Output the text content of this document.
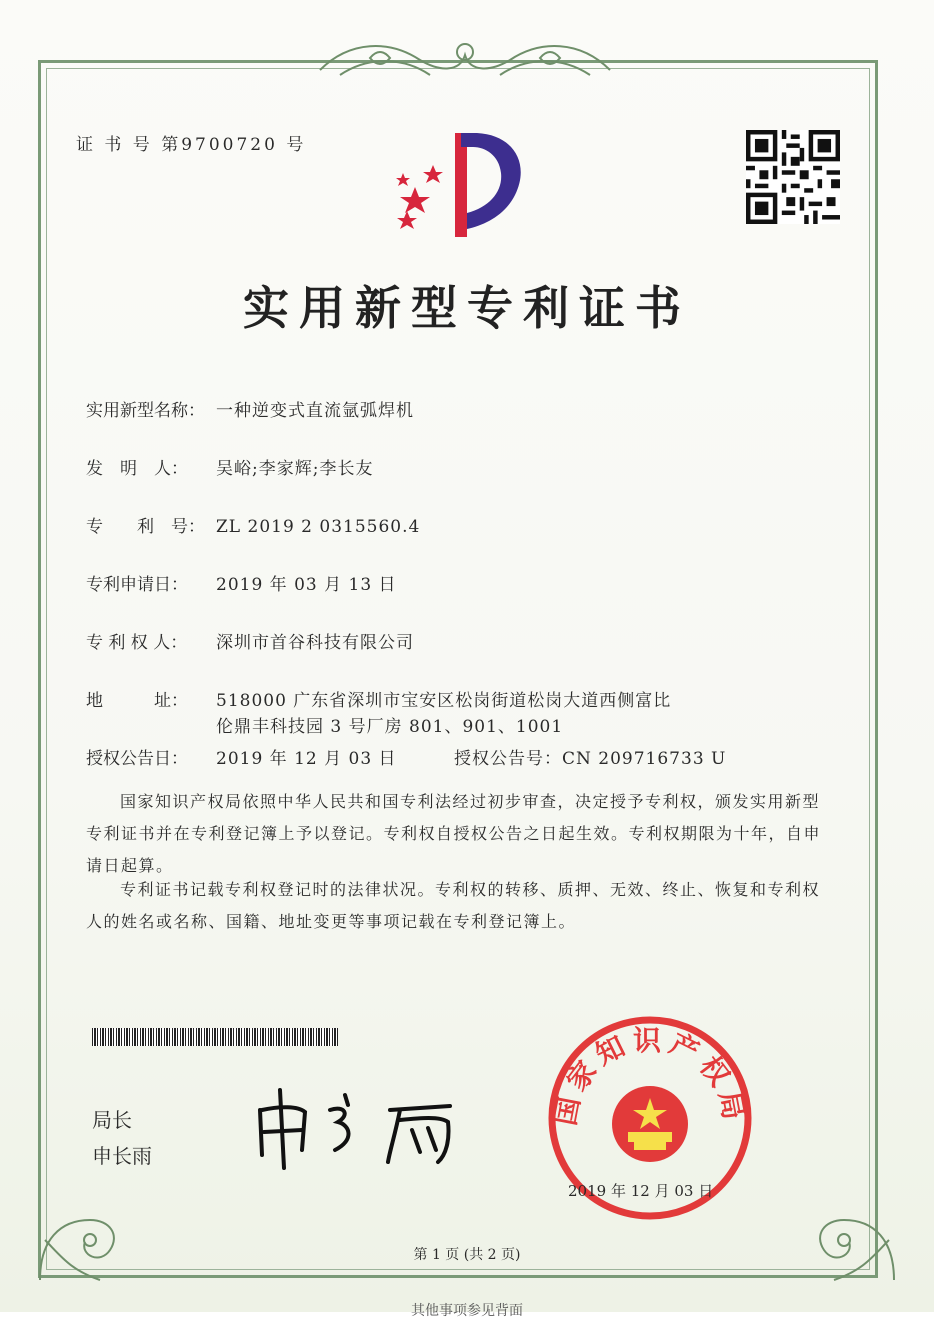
证 书 号 第9700720 号
实用新型专利证书
实用新型名称： 一种逆变式直流氩弧焊机
发　明　人： 吴峪;李家辉;李长友
专　　利　号： ZL 2019 2 0315560.4
专利申请日： 2019 年 03 月 13 日
专 利 权 人： 深圳市首谷科技有限公司
地　　　址： 518000 广东省深圳市宝安区松岗街道松岗大道西侧富比
伦鼎丰科技园 3 号厂房 801、901、1001
授权公告日： 2019 年 12 月 03 日	授权公告号：CN 209716733 U
国家知识产权局依照中华人民共和国专利法经过初步审查，决定授予专利权，颁发实用新型专利证书并在专利登记簿上予以登记。专利权自授权公告之日起生效。专利权期限为十年，自申请日起算。
专利证书记载专利权登记时的法律状况。专利权的转移、质押、无效、终止、恢复和专利权人的姓名或名称、国籍、地址变更等事项记载在专利登记簿上。
局长
申长雨
国家知识产权局
2019 年 12 月 03 日
第 1 页 (共 2 页)
其他事项参见背面
